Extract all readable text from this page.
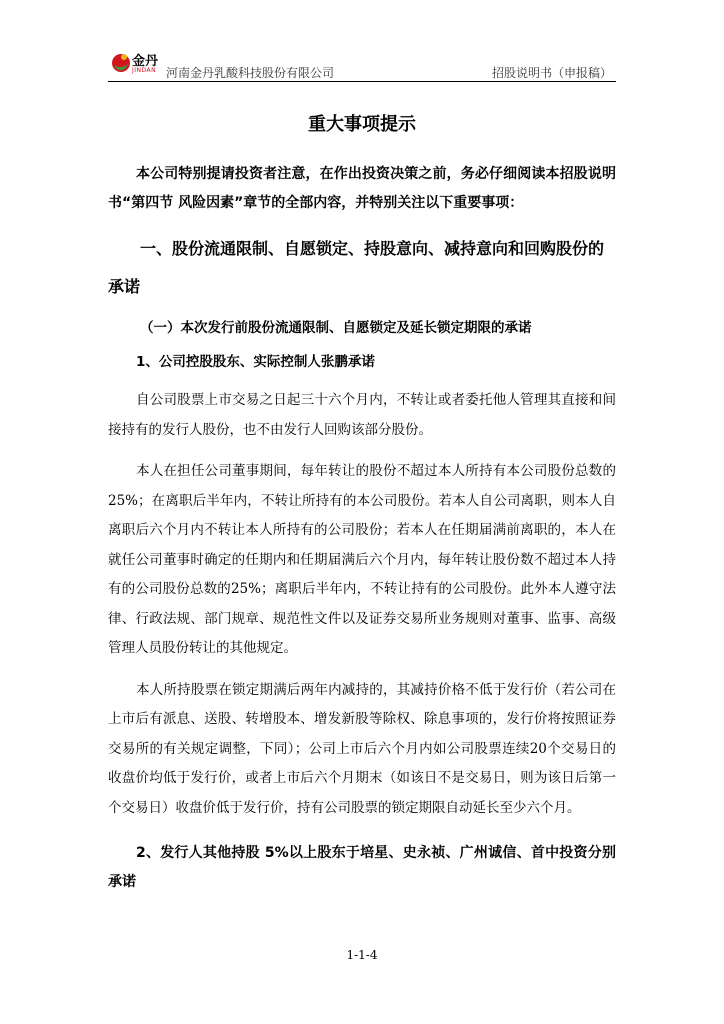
金丹
JINDAN 河南金丹乳酸科技股份有限公司	招股说明书（申报稿）
重大事项提示
本公司特别提请投资者注意，在作出投资决策之前，务必仔细阅读本招股说明书“第四节 风险因素”章节的全部内容，并特别关注以下重要事项：
一、股份流通限制、自愿锁定、持股意向、减持意向和回购股份的承诺
（一）本次发行前股份流通限制、自愿锁定及延长锁定期限的承诺
1、公司控股股东、实际控制人张鹏承诺
自公司股票上市交易之日起三十六个月内，不转让或者委托他人管理其直接和间接持有的发行人股份，也不由发行人回购该部分股份。
本人在担任公司董事期间，每年转让的股份不超过本人所持有本公司股份总数的25%；在离职后半年内，不转让所持有的本公司股份。若本人自公司离职，则本人自离职后六个月内不转让本人所持有的公司股份；若本人在任期届满前离职的，本人在就任公司董事时确定的任期内和任期届满后六个月内，每年转让股份数不超过本人持有的公司股份总数的25%；离职后半年内，不转让持有的公司股份。此外本人遵守法律、行政法规、部门规章、规范性文件以及证券交易所业务规则对董事、监事、高级管理人员股份转让的其他规定。
本人所持股票在锁定期满后两年内减持的，其减持价格不低于发行价（若公司在上市后有派息、送股、转增股本、增发新股等除权、除息事项的，发行价将按照证券交易所的有关规定调整，下同）；公司上市后六个月内如公司股票连续20个交易日的收盘价均低于发行价，或者上市后六个月期末（如该日不是交易日，则为该日后第一个交易日）收盘价低于发行价，持有公司股票的锁定期限自动延长至少六个月。
2、发行人其他持股 5%以上股东于培星、史永祯、广州诚信、首中投资分别承诺
1-1-4
